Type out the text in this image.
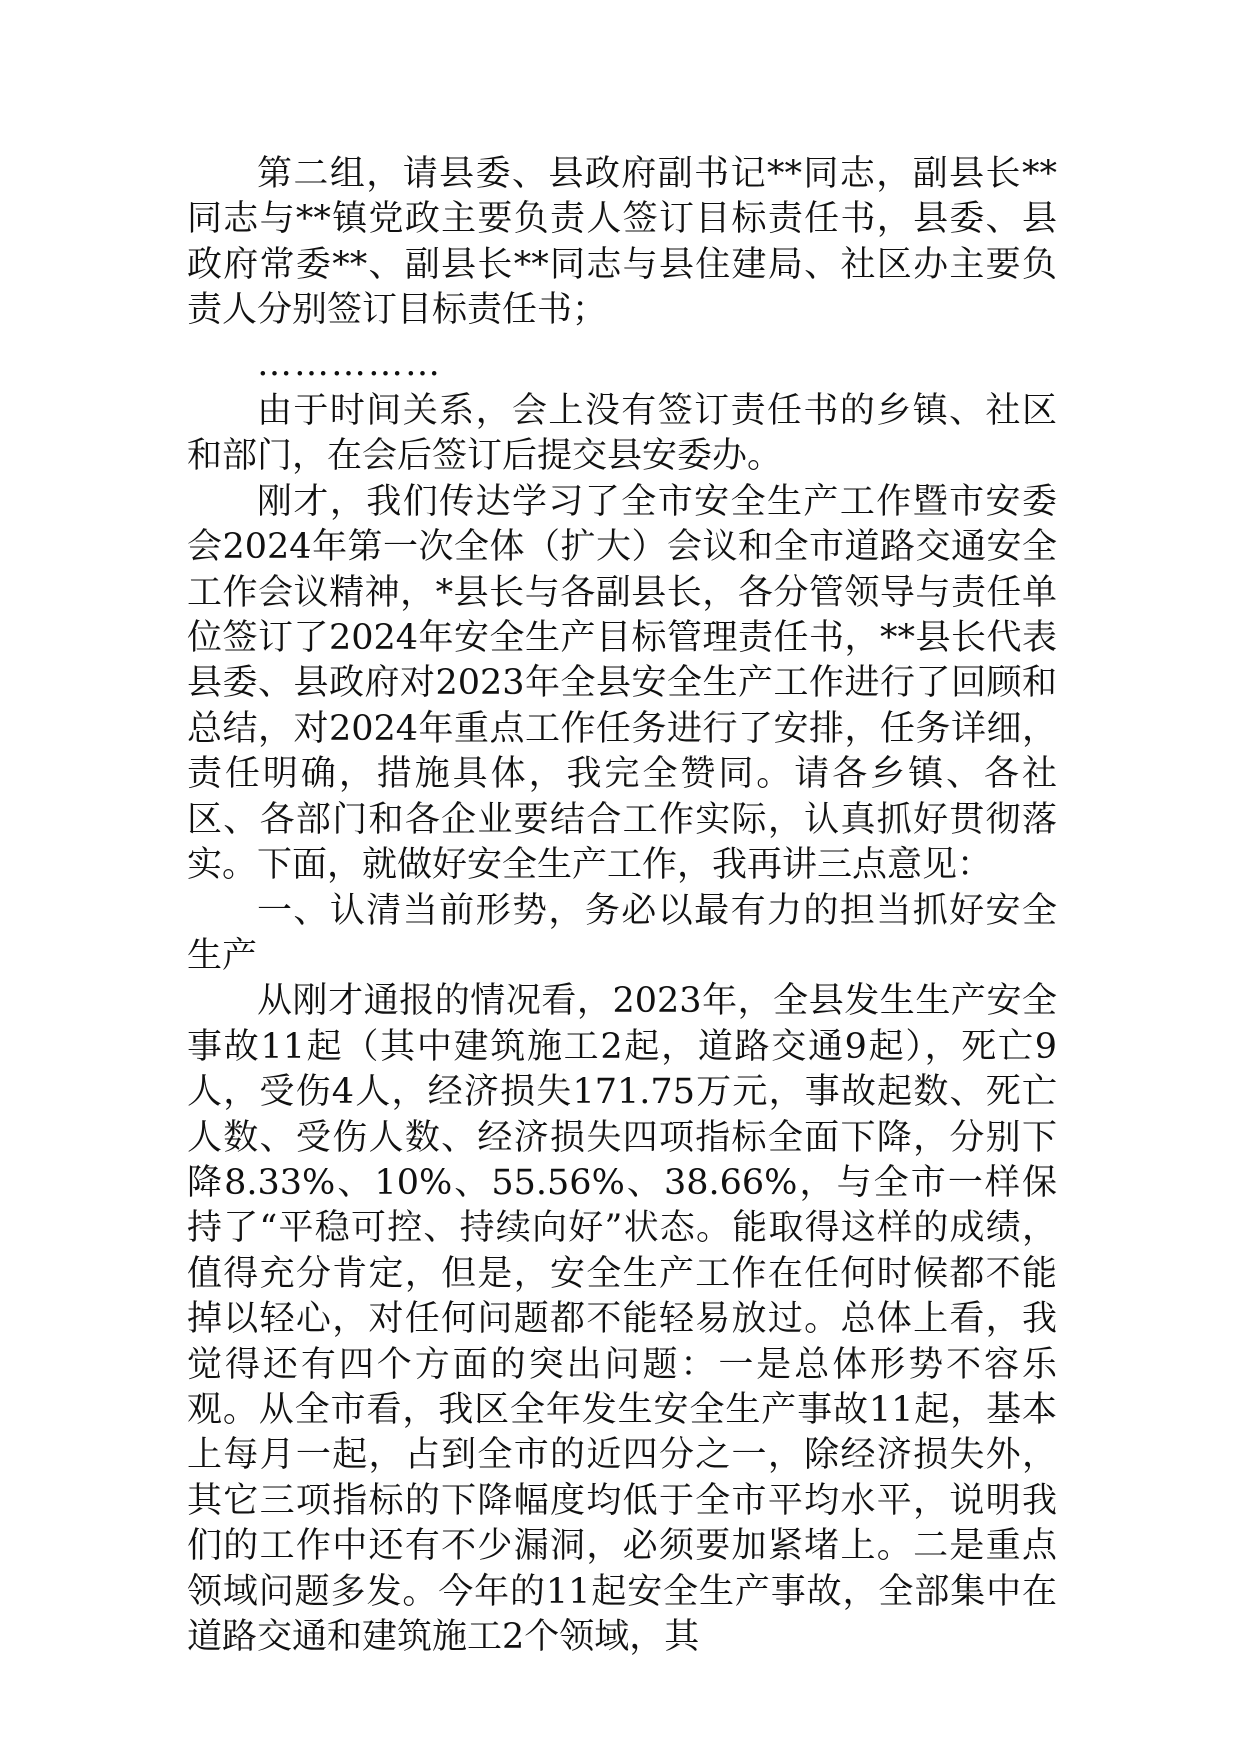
第二组，请县委、县政府副书记**同志，副县长**同志与**镇党政主要负责人签订目标责任书，县委、县政府常委**、副县长**同志与县住建局、社区办主要负责人分别签订目标责任书；

……………

由于时间关系，会上没有签订责任书的乡镇、社区和部门，在会后签订后提交县安委办。

刚才，我们传达学习了全市安全生产工作暨市安委会2024年第一次全体（扩大）会议和全市道路交通安全工作会议精神，*县长与各副县长，各分管领导与责任单位签订了2024年安全生产目标管理责任书，**县长代表县委、县政府对2023年全县安全生产工作进行了回顾和总结，对2024年重点工作任务进行了安排，任务详细，责任明确，措施具体，我完全赞同。请各乡镇、各社区、各部门和各企业要结合工作实际，认真抓好贯彻落实。下面，就做好安全生产工作，我再讲三点意见：

一、认清当前形势，务必以最有力的担当抓好安全生产

从刚才通报的情况看，2023年，全县发生生产安全事故11起（其中建筑施工2起，道路交通9起），死亡9人，受伤4人，经济损失171.75万元，事故起数、死亡人数、受伤人数、经济损失四项指标全面下降，分别下降8.33%、10%、55.56%、38.66%，与全市一样保持了“平稳可控、持续向好”状态。能取得这样的成绩，值得充分肯定，但是，安全生产工作在任何时候都不能掉以轻心，对任何问题都不能轻易放过。总体上看，我觉得还有四个方面的突出问题：一是总体形势不容乐观。从全市看，我区全年发生安全生产事故11起，基本上每月一起，占到全市的近四分之一，除经济损失外，其它三项指标的下降幅度均低于全市平均水平，说明我们的工作中还有不少漏洞，必须要加紧堵上。二是重点领域问题多发。今年的11起安全生产事故，全部集中在道路交通和建筑施工2个领域，其
